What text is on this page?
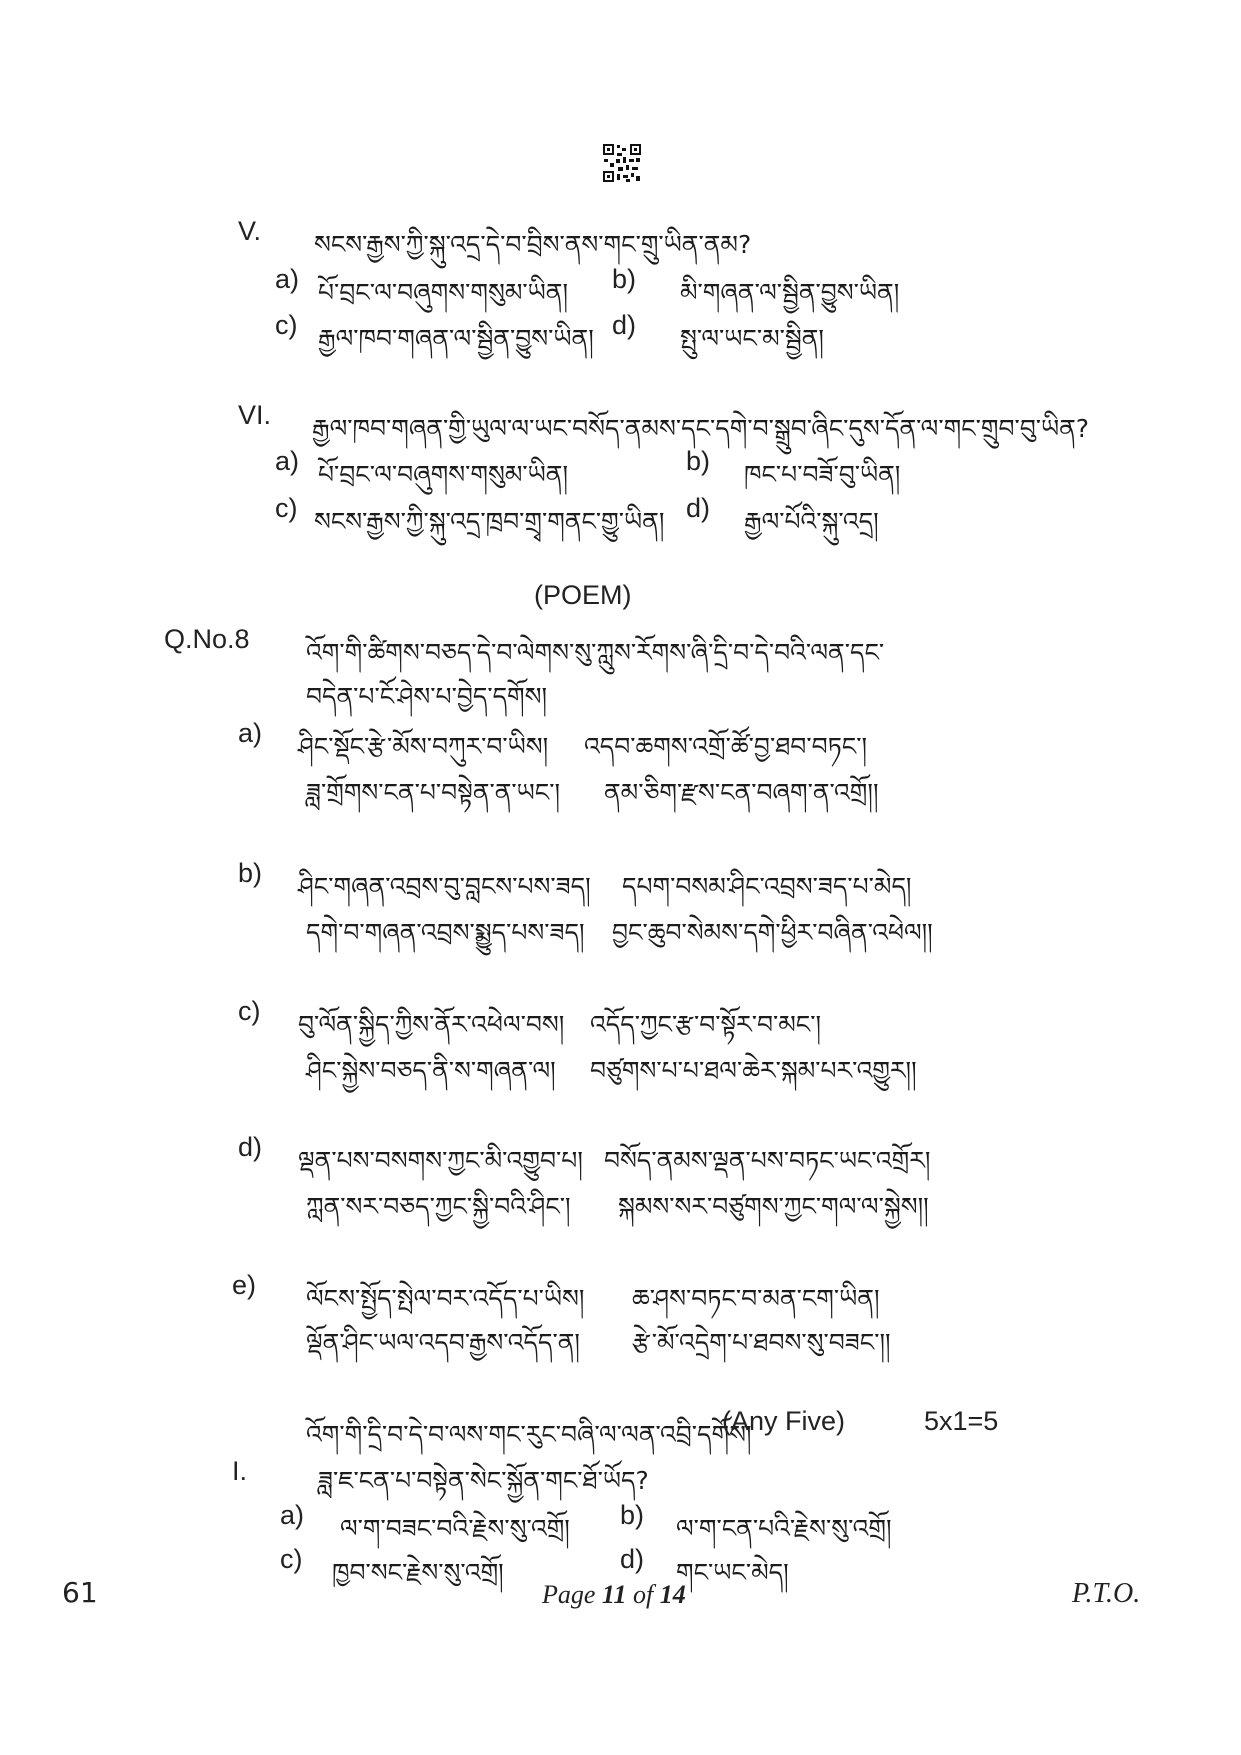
V. སངས་རྒྱས་ཀྱི་སྐུ་འདྲ་དེ་བ་བྲིས་ནས་གང་གྲུ་ཡིན་ནམ?
a) པོ་བྲང་ལ་བཞུགས་གསུམ་ཡིན། b) མི་གཞན་ལ་སྦྱིན་བྱུས་ཡིན།
c) རྒྱལ་ཁབ་གཞན་ལ་སྦྱིན་བྱུས་ཡིན། d) སྤུ་ལ་ཡང་མ་སྦྱིན།
VI. རྒྱལ་ཁབ་གཞན་གྱི་ཡུལ་ལ་ཡང་བསོད་ནམས་དང་དགེ་བ་སྒྲུབ་ཞིང་དུས་དོན་ལ་གང་གྲུབ་བུ་ཡིན?
a) པོ་བྲང་ལ་བཞུགས་གསུམ་ཡིན།	b) ཁང་པ་བཟོ་བུ་ཡིན།
c) སངས་རྒྱས་ཀྱི་སྐུ་འདྲ་ཁྲབ་གྲྭ་གནང་གྱུ་ཡིན། d) རྒྱལ་པོའི་སྐུ་འདྲ།
(POEM)
Q.No.8 འོག་གི་ཚིགས་བཅད་དེ་བ་ལེགས་སུ་ཀླུས་རོགས་ཞི་དྲི་བ་དེ་བའི་ལན་དང་
བདེན་པ་ངོ་ཤེས་པ་བྱེད་དགོས།
a) ཤིང་སྡོང་རྩེ་མོས་བཀུར་བ་ཡིས། འདབ་ཆགས་འགྲོ་ཚོ་བྱ་ཐབ་བཏང་།
ཟླ་གྲོགས་ངན་པ་བསྟེན་ན་ཡང་། ནམ་ཅིག་རྫས་ངན་བཞག་ན་འགྲོ།།
b) ཤིང་གཞན་འབྲས་བུ་བླངས་པས་ཟད། དཔག་བསམ་ཤིང་འབྲས་ཟད་པ་མེད།
དགེ་བ་གཞན་འབྲས་སྨྱུད་པས་ཟད། བྱང་ཆུབ་སེམས་དགེ་ཕྱིར་བཞིན་འཕེལ།།
c) བུ་ལོན་སྐྱིད་ཀྱིས་ནོར་འཕེལ་བས། འདོད་ཀྱང་རྩ་བ་སྟོར་བ་མང་།
ཤིང་སྐྱེས་བཅད་ནི་ས་གཞན་ལ། བཙུགས་པ་པ་ཐལ་ཆེར་སྐམ་པར་འགྱུར།།
d) ལྡན་པས་བསགས་ཀྱང་མི་འགྱུབ་པ། བསོད་ནམས་ལྡན་པས་བཏང་ཡང་འགྲོར།
ཀླན་སར་བཅད་ཀྱང་སྐྱི་བའི་ཤིང་། སྐམས་སར་བཙུགས་ཀྱང་གལ་ལ་སྐྱེས།།
e) ལོངས་སྤྱོད་སྤེལ་བར་འདོད་པ་ཡིས། ཆ་ཤས་བཏང་བ་མན་ངག་ཡིན།
ལྡོན་ཤིང་ཡལ་འདབ་རྒྱས་འདོད་ན། རྩེ་མོ་འདྲེག་པ་ཐབས་སུ་བཟང་།།
འོག་གི་དྲི་བ་དེ་བ་ལས་གང་རུང་བཞི་ལ་ལན་འབྲི་དགོས།
(Any Five)	5x1=5
I.	ཟླ་ཇ་ངན་པ་བསྟེན་སེང་སྐྱོན་གང་ཐོ་ཡོད?
a) ལ་ག་བཟང་བའི་རྗེས་སུ་འགྲོ། b) ལ་ག་ངན་པའི་རྗེས་སུ་འགྲོ།
c) ཁྱབ་སང་རྗེས་སུ་འགྲོ།	d) གང་ཡང་མེད།
61	Page 11 of 14	P.T.O.
